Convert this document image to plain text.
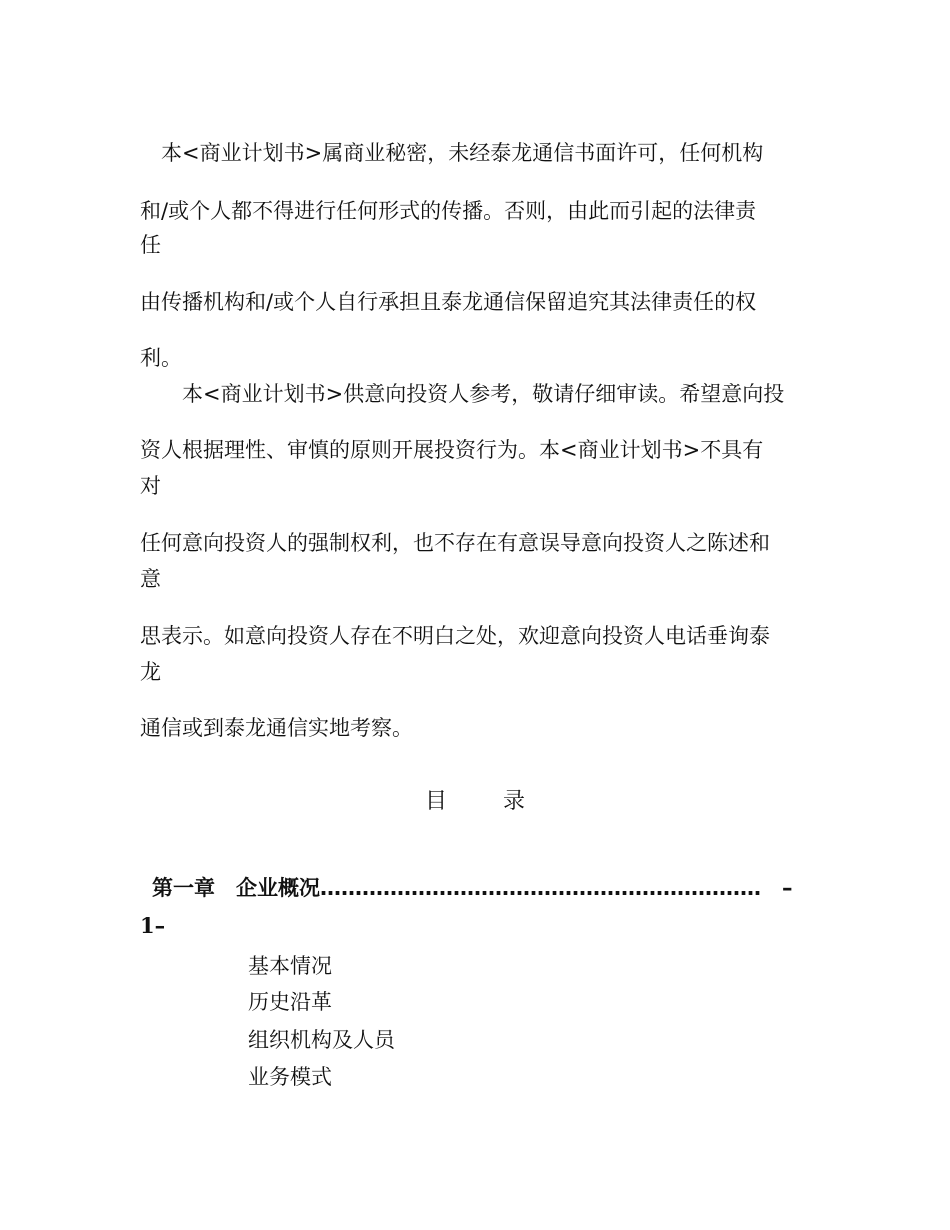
　本<商业计划书>属商业秘密，未经泰龙通信书面许可，任何机构
和/或个人都不得进行任何形式的传播。否则，由此而引起的法律责
任
由传播机构和/或个人自行承担且泰龙通信保留追究其法律责任的权
利。
　　本<商业计划书>供意向投资人参考，敬请仔细审读。希望意向投
资人根据理性、审慎的原则开展投资行为。本<商业计划书>不具有
对
任何意向投资人的强制权利，也不存在有意误导意向投资人之陈述和
意
思表示。如意向投资人存在不明白之处，欢迎意向投资人电话垂询泰
龙
通信或到泰龙通信实地考察。
目	录
第一章　企业概况………………………………………………………　–
1–
基本情况
历史沿革
组织机构及人员
业务模式
